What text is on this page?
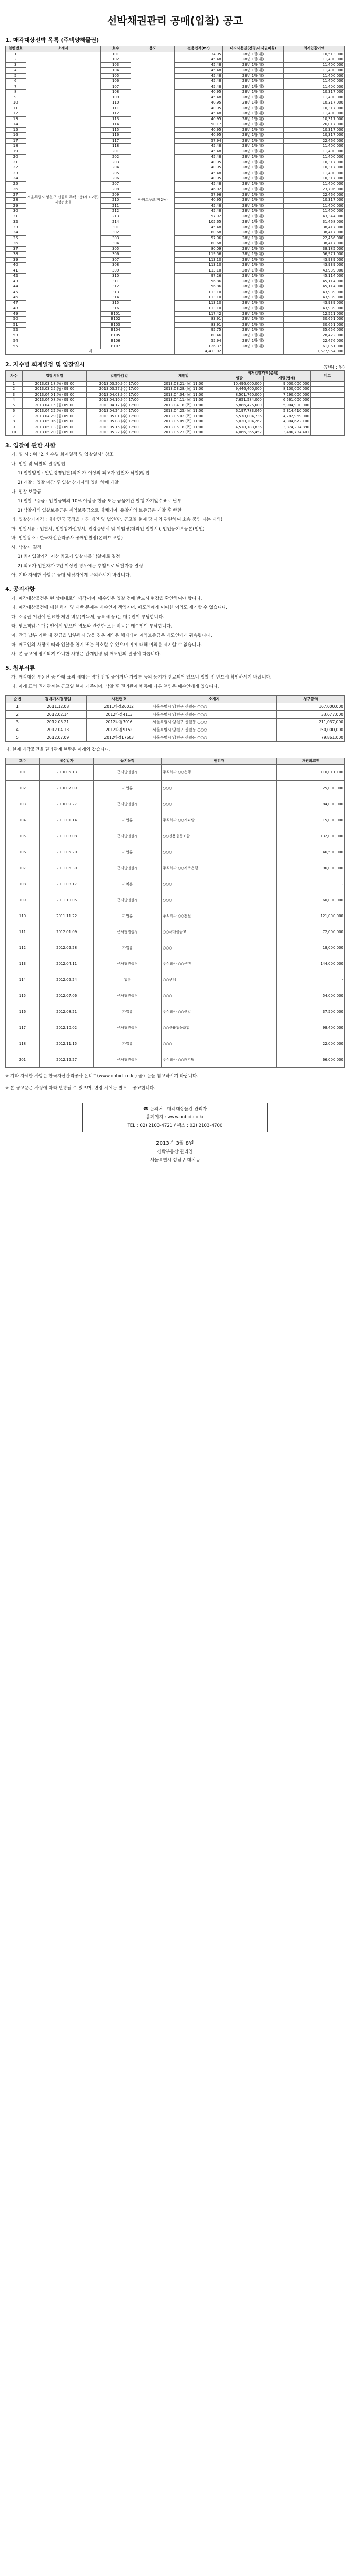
선박채권관리 공매(입찰) 공고
1. 매각대상선박 목록 (주택양해물권)
일련번호	소재지	호수	용도	전용면적(m²)	대지사용권(건평,대지권비율)	최저입찰가액
1	서울특별시 양천구 신월로 주택 3층(제1-2동) 지상건축물	101	아파트구조(제2동)	34.95	28년 1월(대)	10,513,000
2		102		45.48	28년 1월(대)	11,400,000
3		103		45.48	28년 1월(대)	11,400,000
4		104		45.48	28년 1월(대)	11,400,000
5		105		45.48	28년 1월(대)	11,400,000
6		106		45.48	28년 1월(대)	11,400,000
7		107		45.48	28년 1월(대)	11,400,000
8		108		40.95	28년 1월(대)	10,317,000
9		109		45.48	28년 1월(대)	11,400,000
10		110		40.95	28년 1월(대)	10,317,000
11		111		40.95	28년 1월(대)	10,317,000
12		112		45.48	28년 1월(대)	11,400,000
13		113		40.95	28년 1월(대)	10,317,000
14		114		50.17	28년 1월(대)	26,017,000
15		115		40.95	28년 1월(대)	10,317,000
16		116		40.95	28년 1월(대)	10,317,000
17		117		57.94	28년 1월(대)	22,466,000
18		118		45.48	28년 1월(대)	11,400,000
19		201		45.48	28년 1월(대)	11,400,000
20		202		45.48	28년 1월(대)	11,400,000
21		203		40.95	28년 1월(대)	10,317,000
22		204		40.95	28년 1월(대)	10,317,000
23		205		45.48	28년 1월(대)	11,400,000
24		206		40.95	28년 1월(대)	10,317,000
25		207		45.48	28년 1월(대)	11,400,000
26		208		46.02	28년 1월(대)	23,796,000
27		209		57.96	28년 1월(대)	22,466,000
28		210		40.95	28년 1월(대)	10,317,000
29		211		45.48	28년 1월(대)	11,400,000
30		212		45.48	28년 1월(대)	11,400,000
31		213		57.92	28년 1월(대)	43,344,000
32		214		105.65	28년 1월(대)	31,468,000
33		301		45.48	28년 1월(대)	38,417,000
34		302		80.68	28년 1월(대)	38,417,000
35		303		57.96	28년 1월(대)	22,466,000
36		304		80.68	28년 1월(대)	38,417,000
37		305		80.09	28년 1월(대)	38,185,000
38		306		119.56	28년 1월(대)	56,971,000
39		307		113.10	28년 1월(대)	43,939,000
40		308		113.10	28년 1월(대)	43,939,000
41		309		113.10	28년 1월(대)	43,939,000
42		310		97.26	28년 1월(대)	45,114,000
43		311		96.86	28년 1월(대)	45,114,000
44		312		96.86	28년 1월(대)	45,114,000
45		313		113.10	28년 1월(대)	43,939,000
46		314		113.10	28년 1월(대)	43,939,000
47		315		113.10	28년 1월(대)	43,939,000
48		316		113.10	28년 1월(대)	43,939,000
49		B101		117.42	28년 1월(대)	12,521,000
50		B102		83.91	28년 1월(대)	30,651,000
51		B103		83.91	28년 1월(대)	30,651,000
52		B104		95.75	28년 1월(대)	35,656,000
53		B105		80.46	28년 1월(대)	28,422,000
54		B106		55.94	28년 1월(대)	22,476,000
55		B107		126.37	28년 1월(대)	61,061,000
계				4,413.02		1,677,964,000
2. 지수별 회계일정 및 입찰일시	(단위 : 원)
차수	입찰시작일	입찰마감일	개찰일	최저입찰가액(총계)		비고
				일괄	개별(합계)	
1	2013.03.18.(월) 09:00	2013.03.20.(수) 17:00	2013.03.21.(목) 11:00	10,496,000,000	9,000,000,000	
2	2013.03.25.(월) 09:00	2013.03.27.(수) 17:00	2013.03.28.(목) 11:00	9,446,400,000	8,100,000,000	
3	2013.04.01.(월) 09:00	2013.04.03.(수) 17:00	2013.04.04.(목) 11:00	8,501,760,000	7,290,000,000	
4	2013.04.08.(월) 09:00	2013.04.10.(수) 17:00	2013.04.11.(목) 11:00	7,651,584,000	6,561,000,000	
5	2013.04.15.(월) 09:00	2013.04.17.(수) 17:00	2013.04.18.(목) 11:00	6,886,425,600	5,904,900,000	
6	2013.04.22.(월) 09:00	2013.04.24.(수) 17:00	2013.04.25.(목) 11:00	6,197,783,040	5,314,410,000	
7	2013.04.29.(월) 09:00	2013.05.01.(수) 17:00	2013.05.02.(목) 11:00	5,578,004,736	4,782,969,000	
8	2013.05.06.(월) 09:00	2013.05.08.(수) 17:00	2013.05.09.(목) 11:00	5,020,204,262	4,304,672,100	
9	2013.05.13.(월) 09:00	2013.05.15.(수) 17:00	2013.05.16.(목) 11:00	4,518,183,836	3,874,204,890	
10	2013.05.20.(월) 09:00	2013.05.22.(수) 17:00	2013.05.23.(목) 11:00	4,066,365,452	3,486,784,401	
3. 입찰에 관한 사항

가. 일 시 : 위 "2. 차수별 회계일정 및 입찰일시" 참조

나. 입찰 및 낙찰의 결정방법

1) 입찰방법 : 일반경쟁입찰(최저 가 이상의 최고가 입찰자 낙찰)방법

2) 개찰 : 입찰 마감 후 입찰 참가자의 입회 하에 개찰

다. 입찰 보증금

1) 입찰보증금 : 입찰금액의 10% 이상을 현금 또는 금융기관 발행 자기앞수표로 납부

2) 낙찰자의 입찰보증금은 계약보증금으로 대체되며, 유찰자의 보증금은 개찰 후 반환

라. 입찰참가자격 : 대한민국 국적을 가진 개인 및 법인(단, 공고일 현재 당 사와 관련하여 소송 중인 자는 제외)

마. 입찰서류 : 입찰서, 입찰참가신청서, 인감증명서 및 위임장(대리인 입찰시), 법인등기부등본(법인)

바. 입찰장소 : 한국자산관리공사 공매입찰장(온비드 포함)

사. 낙찰자 결정

1) 최저입찰가격 이상 최고가 입찰자를 낙찰자로 결정

2) 최고가 입찰자가 2인 이상인 경우에는 추첨으로 낙찰자를 결정

아. 기타 자세한 사항은 공매 담당자에게 문의하시기 바랍니다.

4. 공지사항

가. 매각대상물건은 현 상태대로의 매각이며, 매수인은 입찰 전에 반드시 현장을 확인하여야 합니다.

나. 매각대상물건에 대한 하자 및 제반 문제는 매수인이 책임지며, 매도인에게 어떠한 이의도 제기할 수 없습니다.

다. 소유권 이전에 필요한 제반 비용(취득세, 등록세 등)은 매수인이 부담합니다.

라. 명도책임은 매수인에게 있으며 명도와 관련한 모든 비용은 매수인이 부담합니다.

마. 잔금 납부 기한 내 잔금을 납부하지 않을 경우 계약은 해제되며 계약보증금은 매도인에게 귀속됩니다.

바. 매도인의 사정에 따라 입찰을 연기 또는 취소할 수 있으며 이에 대해 이의를 제기할 수 없습니다.

사. 본 공고에 명시되지 아니한 사항은 관계법령 및 매도인의 결정에 따릅니다.

5. 첨부서류

가. 매각대상 부동산 중 아래 표의 세대는 경매 진행 중이거나 가압류 등의 등기가 경료되어 있으니 입찰 전 반드시 확인하시기 바랍니다.

나. 아래 표의 권리관계는 공고일 현재 기준이며, 낙찰 후 권리관계 변동에 따른 책임은 매수인에게 있습니다.

순번	경매개시결정일	사건번호	소재지	청구금액
1	2011.12.08	2011타경26012	서울특별시 양천구 신월동 ○○○	167,000,000
2	2012.02.14	2012타경4113	서울특별시 양천구 신월동 ○○○	33,677,000
3	2012.03.21	2012타경7016	서울특별시 양천구 신월동 ○○○	211,037,000
4	2012.04.13	2012타경9152	서울특별시 양천구 신월동 ○○○	150,000,000
5	2012.07.09	2012타경17603	서울특별시 양천구 신월동 ○○○	79,861,000
다. 현재 매각물건별 권리관계 현황은 아래와 같습니다.
호수	접수일자	등기목적	권리자	채권최고액
101	2010.05.13	근저당권설정	주식회사 ○○은행	110,011,100
102	2010.07.09	가압류	○○○	25,000,000
103	2010.09.27	근저당권설정	○○○	84,000,000
104	2011.01.14	가압류	주식회사 ○○캐피탈	15,000,000
105	2011.03.08	근저당권설정	○○신용협동조합	132,000,000
106	2011.05.20	가압류	○○○	46,500,000
107	2011.06.30	근저당권설정	주식회사 ○○저축은행	96,000,000
108	2011.08.17	가처분	○○○	-
109	2011.10.05	근저당권설정	○○○	60,000,000
110	2011.11.22	가압류	주식회사 ○○건설	121,000,000
111	2012.01.09	근저당권설정	○○새마을금고	72,000,000
112	2012.02.28	가압류	○○○	18,000,000
113	2012.04.11	근저당권설정	주식회사 ○○은행	144,000,000
114	2012.05.24	압류	○○구청	-
115	2012.07.06	근저당권설정	○○○	54,000,000
116	2012.08.21	가압류	주식회사 ○○산업	37,500,000
117	2012.10.02	근저당권설정	○○신용협동조합	98,400,000
118	2012.11.15	가압류	○○○	22,000,000
201	2012.12.27	근저당권설정	주식회사 ○○캐피탈	66,000,000

※ 기타 자세한 사항은 한국자산관리공사 온비드(www.onbid.co.kr) 공고문을 참고하시기 바랍니다.

※ 본 공고문은 사정에 따라 변경될 수 있으며, 변경 시에는 별도로 공고합니다.

☎ 문의처 : 매각대상물건 관리자
홈페이지 : www.onbid.co.kr
TEL : 02) 2103-4721 / 팩스 : 02) 2103-4700
2013년 3월 8일
신탁부동산 관리인
서울특별시 강남구 대치동
